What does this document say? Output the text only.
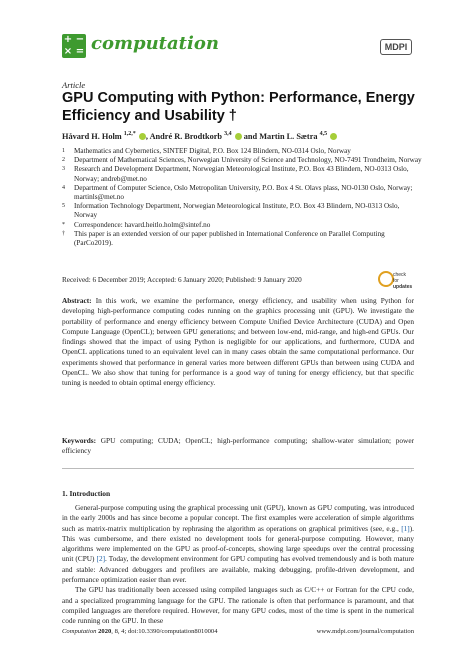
+ −
× = computation	MDPI
Article
GPU Computing with Python: Performance, Energy Efficiency and Usability †
Håvard H. Holm $^{1,2,*}$ , André R. Brodtkorb $^{3,4}$ and Martin L. Sætra $^{4,5}$
1	Mathematics and Cybernetics, SINTEF Digital, P.O. Box 124 Blindern, NO-0314 Oslo, Norway
2	Department of Mathematical Sciences, Norwegian University of Science and Technology, NO-7491 Trondheim, Norway
3	Research and Development Department, Norwegian Meteorological Institute, P.O. Box 43 Blindern, NO-0313 Oslo, Norway; andreb@met.no
4	Department of Computer Science, Oslo Metropolitan University, P.O. Box 4 St. Olavs plass, NO-0130 Oslo, Norway; martinls@met.no
5	Information Technology Department, Norwegian Meteorological Institute, P.O. Box 43 Blindern, NO-0313 Oslo, Norway
*	Correspondence: havard.heitlo.holm@sintef.no
†	This paper is an extended version of our paper published in International Conference on Parallel Computing (ParCo2019).
Received: 6 December 2019; Accepted: 6 January 2020; Published: 9 January 2020
check for
updates
Abstract: In this work, we examine the performance, energy efficiency, and usability when using Python for developing high-performance computing codes running on the graphics processing unit (GPU). We investigate the portability of performance and energy efficiency between Compute Unified Device Architecture (CUDA) and Open Compute Language (OpenCL); between GPU generations; and between low-end, mid-range, and high-end GPUs. Our findings showed that the impact of using Python is negligible for our applications, and furthermore, CUDA and OpenCL applications tuned to an equivalent level can in many cases obtain the same computational performance. Our experiments showed that performance in general varies more between different GPUs than between using CUDA and OpenCL. We also show that tuning for performance is a good way of tuning for energy efficiency, but that specific tuning is needed to obtain optimal energy efficiency.
Keywords: GPU computing; CUDA; OpenCL; high-performance computing; shallow-water simulation; power efficiency
1. Introduction

General-purpose computing using the graphical processing unit (GPU), known as GPU computing, was introduced in the early 2000s and has since become a popular concept. The first examples were acceleration of simple algorithms such as matrix-matrix multiplication by rephrasing the algorithm as operations on graphical primitives (see, e.g., [1]). This was cumbersome, and there existed no development tools for general-purpose computing. However, many algorithms were implemented on the GPU as proof-of-concepts, showing large speedups over the central processing unit (CPU) [2]. Today, the development environment for GPU computing has evolved tremendously and is both mature and stable: Advanced debuggers and profilers are available, making debugging, profile-driven development, and performance optimization easier than ever.

The GPU has traditionally been accessed using compiled languages such as C/C++ or Fortran for the CPU code, and a specialized programming language for the GPU. The rationale is often that performance is paramount, and that compiled languages are therefore required. However, for many GPU codes, most of the time is spent in the numerical code running on the GPU. In these

Computation 2020, 8, 4; doi:10.3390/computation8010004	www.mdpi.com/journal/computation
